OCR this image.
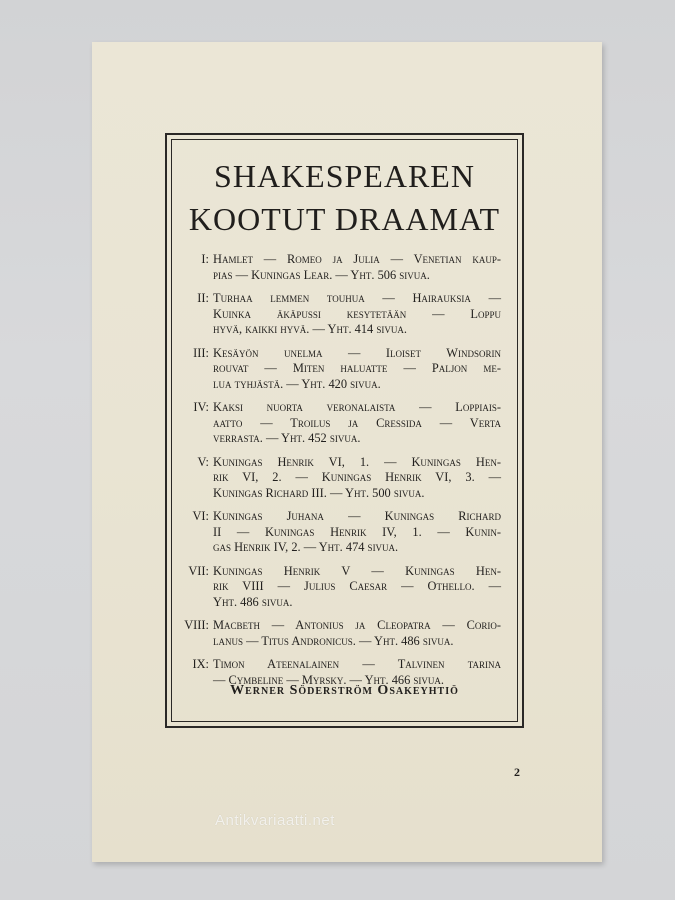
SHAKESPEAREN
KOOTUT DRAAMAT
I: Hamlet — Romeo ja Julia — Venetian kaup-
pias — Kuningas Lear. — Yht. 506 sivua.
II: Turhaa lemmen touhua — Hairauksia —
Kuinka äkäpussi kesytetään — Loppu
hyvä, kaikki hyvä. — Yht. 414 sivua.
III: Kesäyön unelma — Iloiset Windsorin
rouvat — Miten haluatte — Paljon me-
lua tyhjästä. — Yht. 420 sivua.
IV: Kaksi nuorta veronalaista — Loppiais-
aatto — Troilus ja Cressida — Verta
verrasta. — Yht. 452 sivua.
V: Kuningas Henrik VI, 1. — Kuningas Hen-
rik VI, 2. — Kuningas Henrik VI, 3. —
Kuningas Richard III. — Yht. 500 sivua.
VI: Kuningas Juhana — Kuningas Richard
II — Kuningas Henrik IV, 1. — Kunin-
gas Henrik IV, 2. — Yht. 474 sivua.
VII: Kuningas Henrik V — Kuningas Hen-
rik VIII — Julius Caesar — Othello. —
Yht. 486 sivua.
VIII: Macbeth — Antonius ja Cleopatra — Corio-
lanus — Titus Andronicus. — Yht. 486 sivua.
IX: Timon Ateenalainen — Talvinen tarina
— Cymbeline — Myrsky. — Yht. 466 sivua.
Werner Söderström Osakeyhtiö
2
Antikvariaatti.net
